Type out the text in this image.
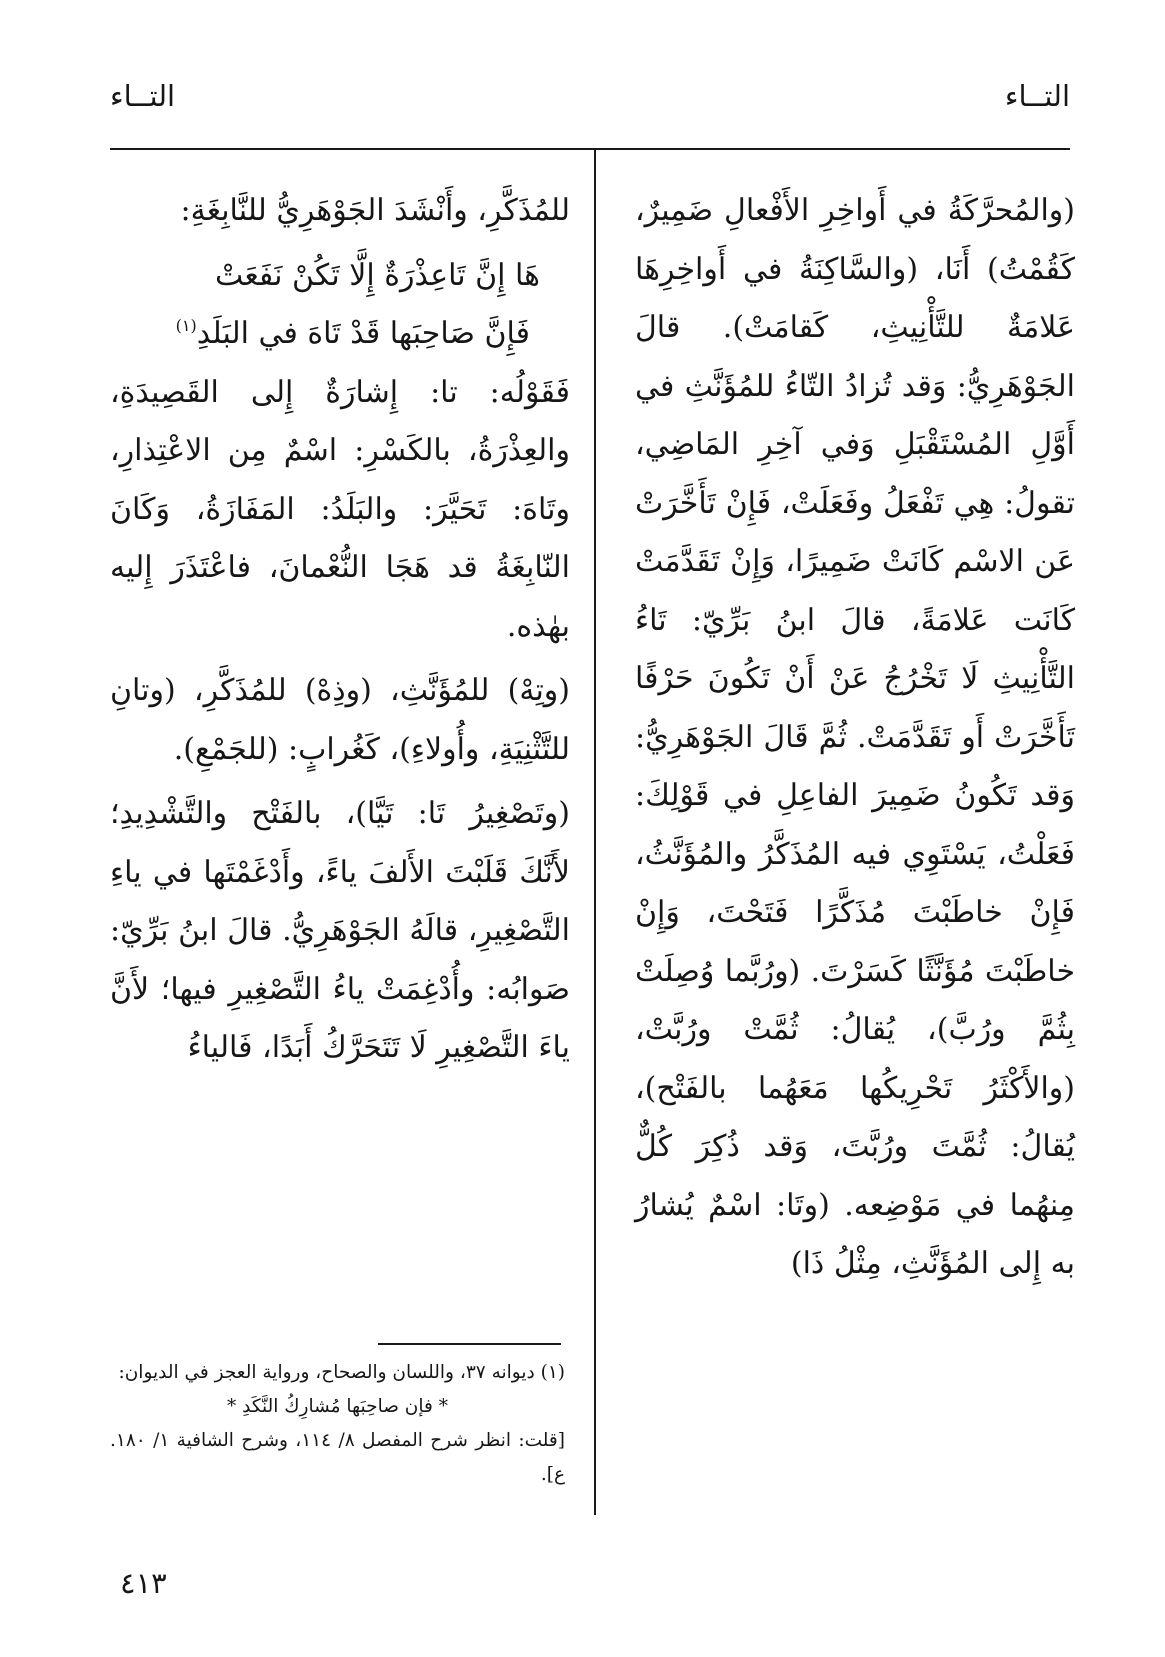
التــاء
التــاء

(والمُحرَّكَةُ في أَواخِرِ الأَفْعالِ ضَمِيرٌ، كَقُمْتُ) أَنَا، (والسَّاكِنَةُ في أَواخِرِهَا عَلامَةٌ للتَّأْنِيثِ، كَقامَتْ). قالَ الجَوْهَرِيُّ: وَقد تُزادُ التّاءُ للمُؤَنَّثِ في أَوَّلِ المُسْتَقْبَلِ وَفي آخِرِ المَاضِي، تقولُ: هِي تَفْعَلُ وفَعَلَتْ، فَإِنْ تَأَخَّرَتْ عَن الاسْم كَانَتْ ضَمِيرًا، وَإِنْ تَقَدَّمَتْ كَانَت عَلامَةً، قالَ ابنُ بَرِّيّ: تَاءُ التَّأْنِيثِ لَا تَخْرُجُ عَنْ أَنْ تَكُونَ حَرْفًا تَأَخَّرَتْ أَو تَقَدَّمَتْ. ثُمَّ قَالَ الجَوْهَرِيُّ: وَقد تَكُونُ ضَمِيرَ الفاعِلِ في قَوْلِكَ: فَعَلْتُ، يَسْتَوِي فيه المُذَكَّرُ والمُؤَنَّثُ، فَإِنْ خاطَبْتَ مُذَكَّرًا فَتَحْتَ، وَإِنْ خاطَبْتَ مُؤَنَّثًا كَسَرْتَ. (ورُبَّما وُصِلَتْ بِثُمَّ ورُبَّ)، يُقالُ: ثُمَّتْ ورُبَّتْ، (والأَكْثَرُ تَحْرِيكُها مَعَهُما بالفَتْح)، يُقالُ: ثُمَّتَ ورُبَّتَ، وَقد ذُكِرَ كُلٌّ مِنهُما في مَوْضِعه. (وتَا: اسْمٌ يُشارُ به إِلى المُؤَنَّثِ، مِثْلُ ذَا)

للمُذَكَّرِ، وأَنْشَدَ الجَوْهَرِيُّ للنَّابِغَةِ:

هَا إِنَّ تَاعِذْرَةٌ إِلَّا تَكُنْ نَفَعَتْ

فَإِنَّ صَاحِبَها قَدْ تَاهَ في البَلَدِ$^{(١)}$

فَقَوْلُه: تا: إِشارَةٌ إِلى القَصِيدَةِ، والعِذْرَةُ، بالكَسْرِ: اسْمٌ مِن الاعْتِذارِ، وتَاهَ: تَحَيَّرَ: والبَلَدُ: المَفَازَةُ، وَكَانَ النّابِغَةُ قد هَجَا النُّعْمانَ، فاعْتَذَرَ إِليه بهٰذه.

(وتِهْ) للمُؤَنَّثِ، (وذِهْ) للمُذَكَّرِ، (وتانِ للتَّثْنِيَةِ، وأُولاءِ)، كَغُرابٍ: (للجَمْعِ).

(وتَصْغِيرُ تَا: تَيَّا)، بالفَتْح والتَّشْدِيدِ؛ لأَنَّكَ قَلَبْتَ الأَلفَ ياءً، وأَدْغَمْتَها في ياءِ التَّصْغِيرِ، قالَهُ الجَوْهَرِيُّ. قالَ ابنُ بَرِّيّ: صَوابُه: وأُدْغِمَتْ ياءُ التَّصْغِيرِ فيها؛ لأَنَّ ياءَ التَّصْغِيرِ لَا تَتَحَرَّكُ أَبَدًا، فَالياءُ

(١) ديوانه ٣٧، واللسان والصحاح، ورواية العجز في الديوان:

* فإن صاحِبَها مُشارِكُ النَّكَدِ *

[قلت: انظر شرح المفصل ٨/ ١١٤، وشرح الشافية ١/ ١٨٠. ع].

٤١٣
